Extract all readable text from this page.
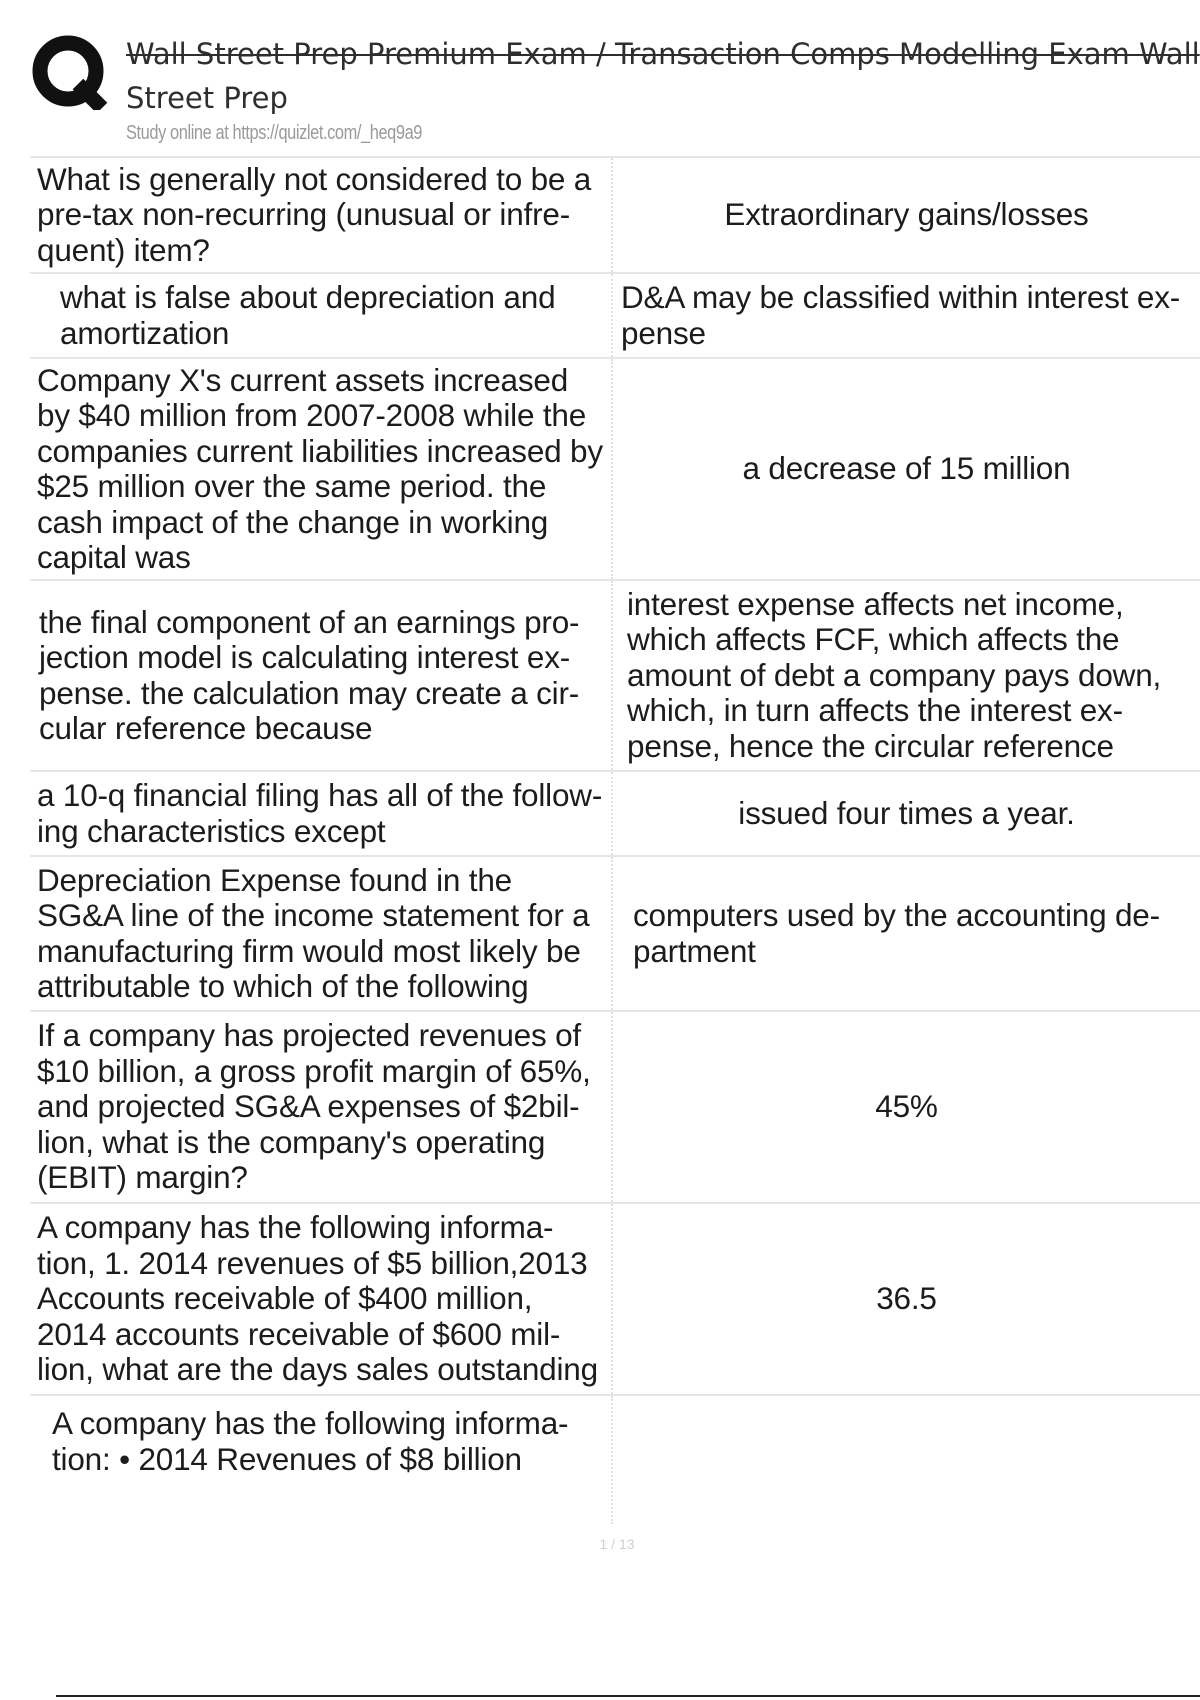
Wall Street Prep Premium Exam / Transaction Comps Modelling Exam Wall
Street Prep
Study online at https://quizlet.com/_heq9a9
What is generally not considered to be a pre-tax non-recurring (unusual or infre- quent) item?
Extraordinary gains/losses
what is false about depreciation and amortization
D&A may be classified within interest ex- pense
Company X's current assets increased by $40 million from 2007-2008 while the companies current liabilities increased by $25 million over the same period. the cash impact of the change in working capital was
a decrease of 15 million
the final component of an earnings pro- jection model is calculating interest ex- pense. the calculation may create a cir- cular reference because
interest expense affects net income, which affects FCF, which affects the amount of debt a company pays down, which, in turn affects the interest ex- pense, hence the circular reference
a 10-q financial filing has all of the follow- ing characteristics except	issued four times a year.
Depreciation Expense found in the SG&A line of the income statement for a manufacturing firm would most likely be attributable to which of the following
computers used by the accounting de- partment
If a company has projected revenues of $10 billion, a gross profit margin of 65%, and projected SG&A expenses of $2bil- lion, what is the company's operating (EBIT) margin?
45%
A company has the following informa- tion, 1. 2014 revenues of $5 billion,2013 Accounts receivable of $400 million, 2014 accounts receivable of $600 mil- lion, what are the days sales outstanding
36.5
A company has the following informa- tion: • 2014 Revenues of $8 billion
1 / 13
